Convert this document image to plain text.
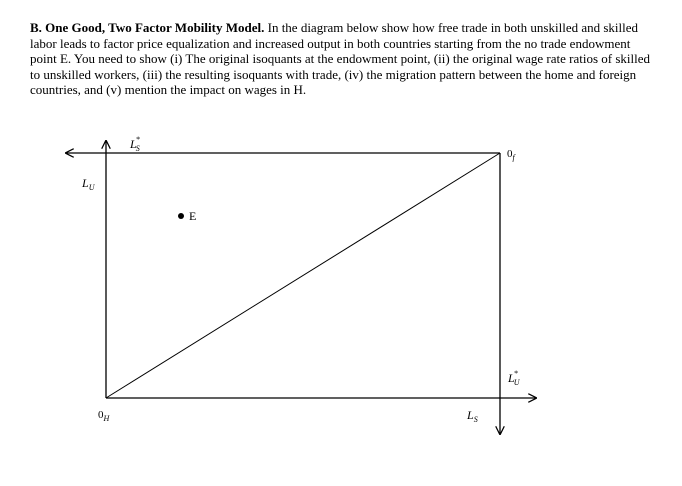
B. One Good, Two Factor Mobility Model. In the diagram below show how free trade in both unskilled and skilled labor leads to factor price equalization and increased output in both countries starting from the no trade endowment point E. You need to show (i) The original isoquants at the endowment point, (ii) the original wage rate ratios of skilled to unskilled workers, (iii) the resulting isoquants with trade, (iv) the migration pattern between the home and foreign countries, and (v) mention the impact on wages in H.
E
$L_U$
L* S	$0_f$
L* U
$0_H$	$L_S$
